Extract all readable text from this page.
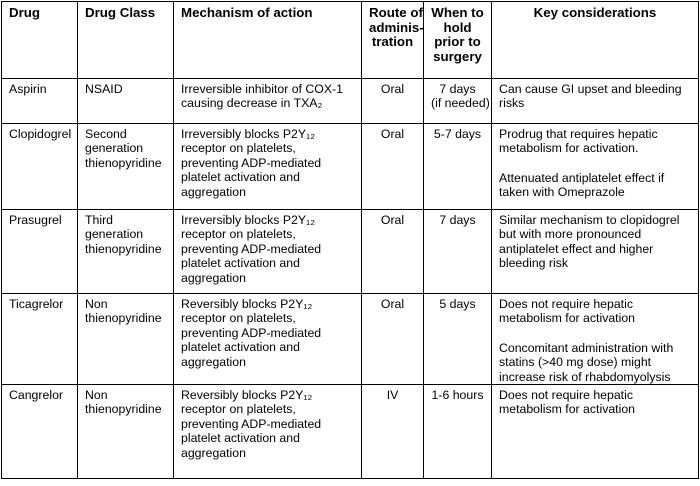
Drug	Drug Class	Mechanism of action	Route of
adminis-
tration	When to
hold
prior to
surgery	Key considerations
Aspirin	NSAID	Irreversible inhibitor of COX-1
causing decrease in TXA₂	Oral	7 days
(if needed)	Can cause GI upset and bleeding
risks

Clopidogrel	Second
generation
thienopyridine	Irreversibly blocks P2Y₁₂
receptor on platelets,
preventing ADP-mediated
platelet activation and
aggregation	Oral	5-7 days	Prodrug that requires hepatic
metabolism for activation.
Attenuated antiplatelet effect if
taken with Omeprazole

Prasugrel	Third
generation
thienopyridine	Irreversibly blocks P2Y₁₂
receptor on platelets,
preventing ADP-mediated
platelet activation and
aggregation	Oral	7 days	Similar mechanism to clopidogrel
but with more pronounced
antiplatelet effect and higher
bleeding risk

Ticagrelor	Non
thienopyridine	Reversibly blocks P2Y₁₂
receptor on platelets,
preventing ADP-mediated
platelet activation and
aggregation	Oral	5 days	Does not require hepatic
metabolism for activation
Concomitant administration with
statins (>40 mg dose) might
increase risk of rhabdomyolysis

Cangrelor	Non
thienopyridine	Reversibly blocks P2Y₁₂
receptor on platelets,
preventing ADP-mediated
platelet activation and
aggregation	IV	1-6 hours	Does not require hepatic
metabolism for activation
